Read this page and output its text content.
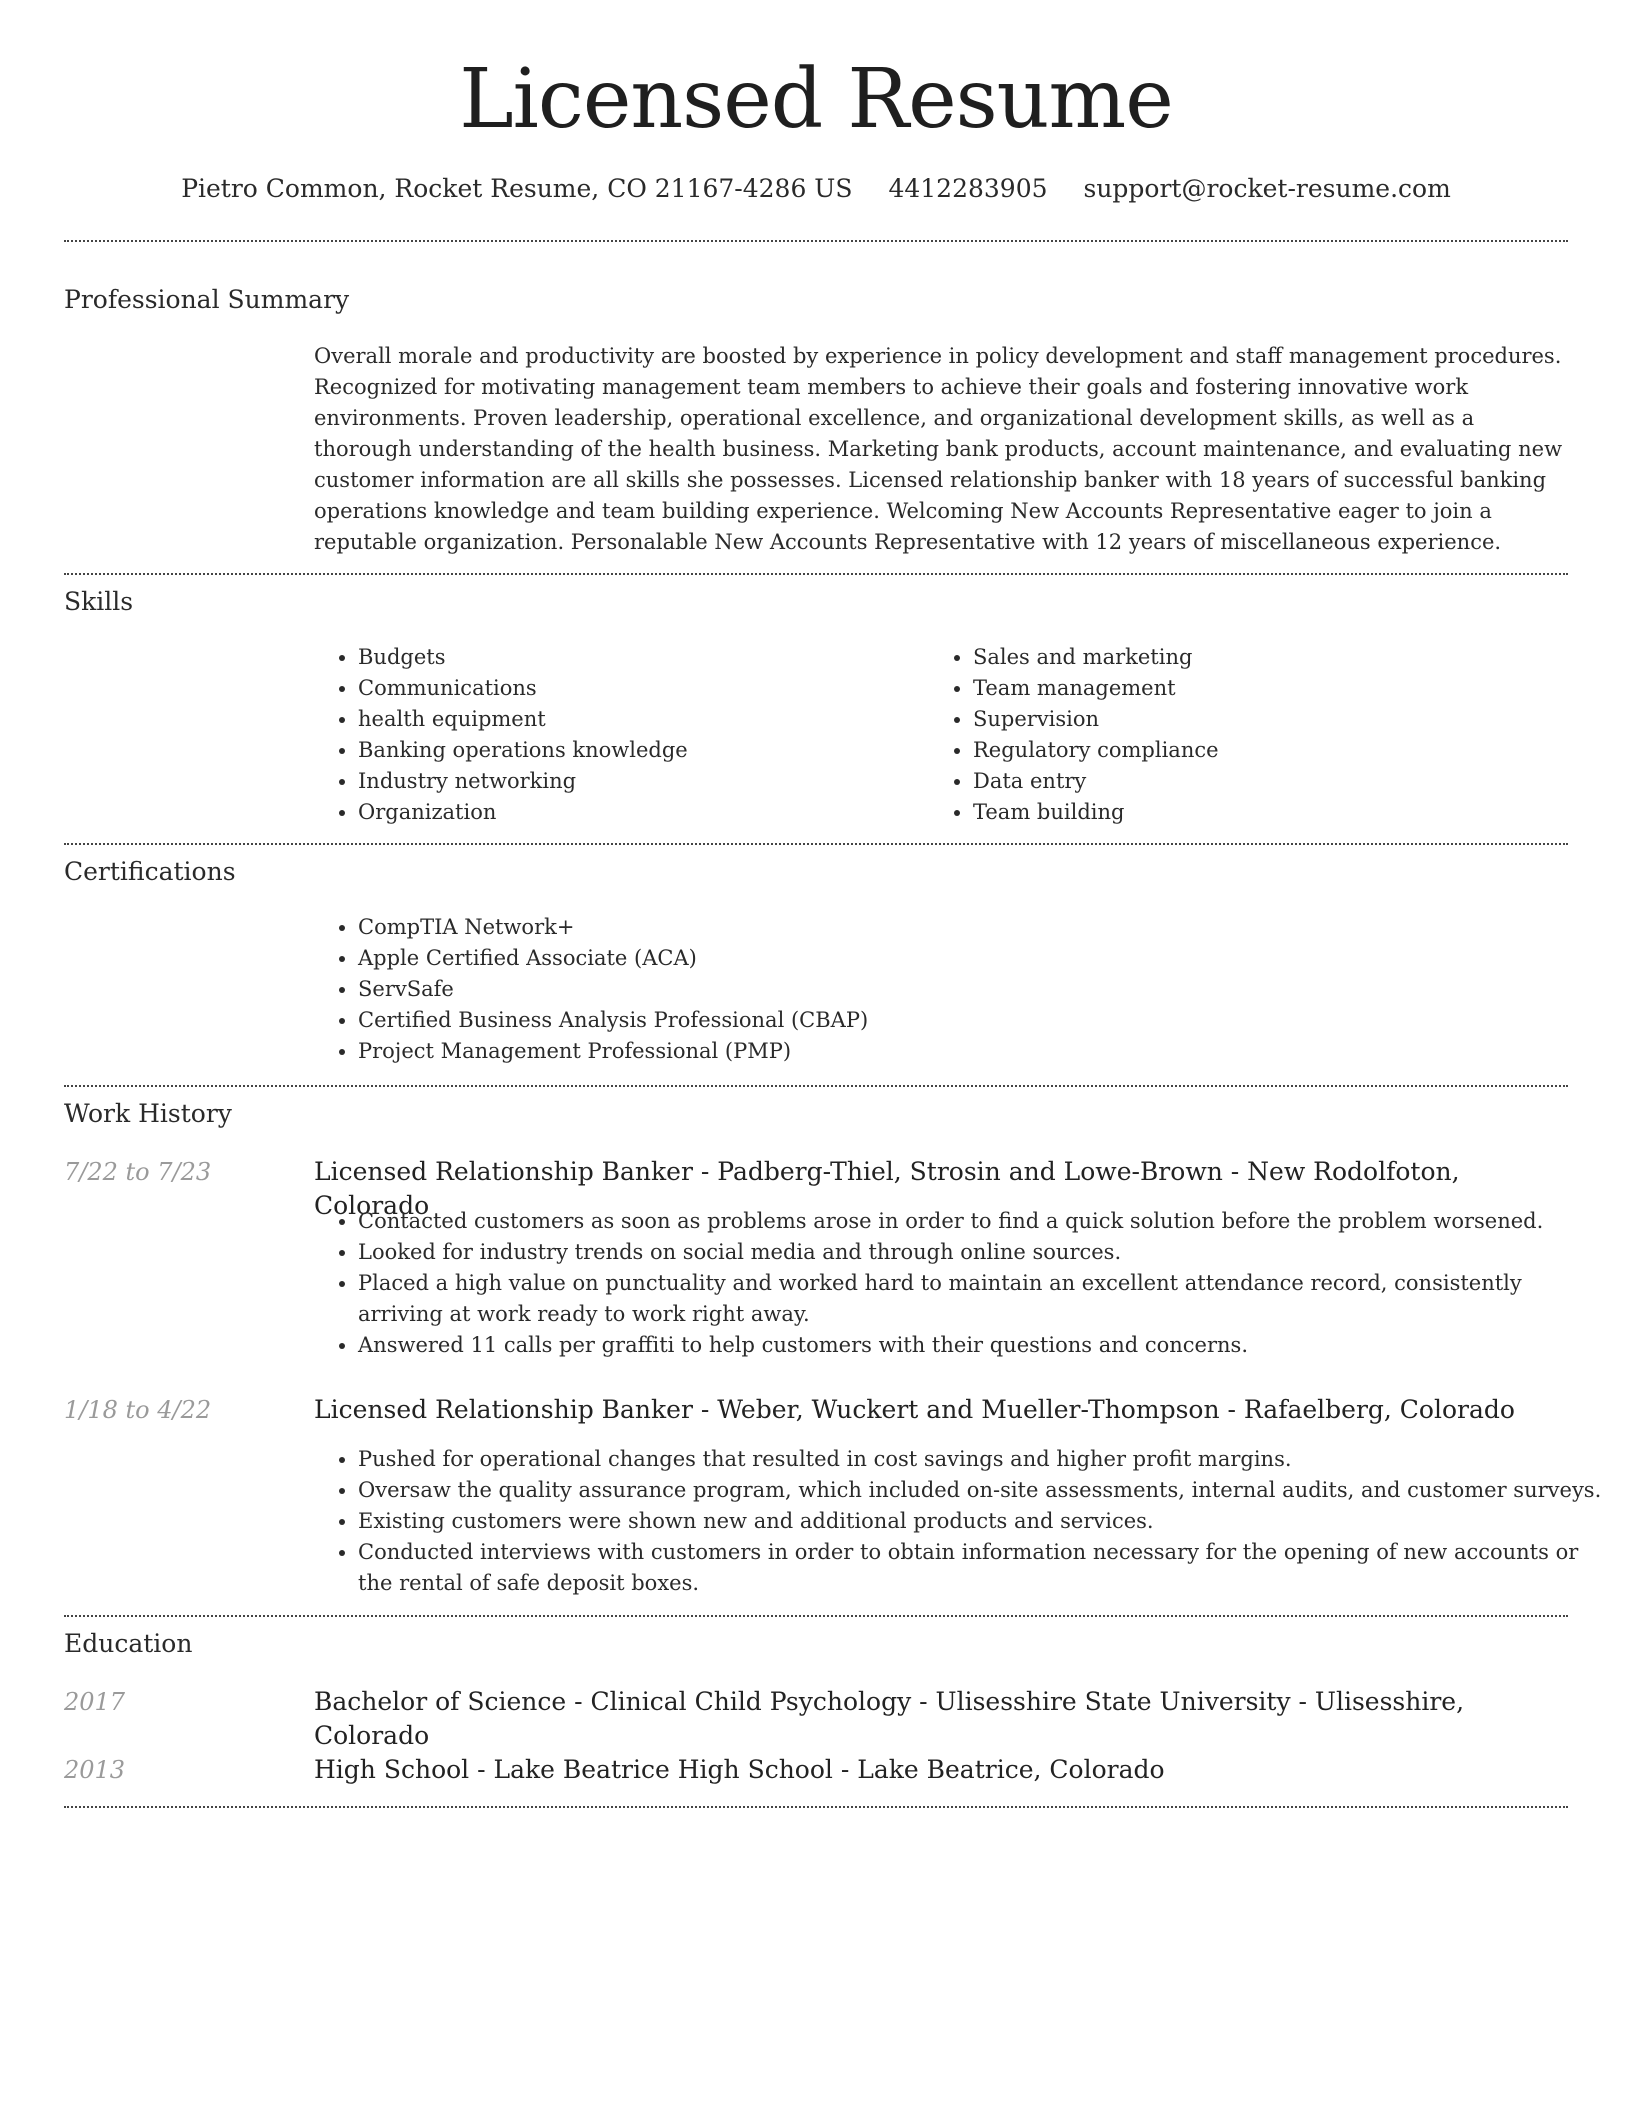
Licensed Resume
Pietro Common, Rocket Resume, CO 21167-4286 US 4412283905 support@rocket-resume.com
Professional Summary

Overall morale and productivity are boosted by experience in policy development and staff management procedures. Recognized for motivating management team members to achieve their goals and fostering innovative work environments. Proven leadership, operational excellence, and organizational development skills, as well as a thorough understanding of the health business. Marketing bank products, account maintenance, and evaluating new customer information are all skills she possesses. Licensed relationship banker with 18 years of successful banking operations knowledge and team building experience. Welcoming New Accounts Representative eager to join a reputable organization. Personalable New Accounts Representative with 12 years of miscellaneous experience.

Skills
• Budgets
• Communications
• health equipment
• Banking operations knowledge
• Industry networking
• Organization
• Sales and marketing
• Team management
• Supervision
• Regulatory compliance
• Data entry
• Team building
Certifications
• CompTIA Network+
• Apple Certified Associate (ACA)
• ServSafe
• Certified Business Analysis Professional (CBAP)
• Project Management Professional (PMP)
Work History
7/22 to 7/23	Licensed Relationship Banker - Padberg-Thiel, Strosin and Lowe-Brown - New Rodolfoton, Colorado
• Contacted customers as soon as problems arose in order to find a quick solution before the problem worsened.
• Looked for industry trends on social media and through online sources.
• Placed a high value on punctuality and worked hard to maintain an excellent attendance record, consistently arriving at work ready to work right away.
• Answered 11 calls per graffiti to help customers with their questions and concerns.
1/18 to 4/22	Licensed Relationship Banker - Weber, Wuckert and Mueller-Thompson - Rafaelberg, Colorado
• Pushed for operational changes that resulted in cost savings and higher profit margins.
• Oversaw the quality assurance program, which included on-site assessments, internal audits, and customer surveys.
• Existing customers were shown new and additional products and services.
• Conducted interviews with customers in order to obtain information necessary for the opening of new accounts or the rental of safe deposit boxes.
Education
2017	Bachelor of Science - Clinical Child Psychology - Ulisesshire State University - Ulisesshire, Colorado
2013	High School - Lake Beatrice High School - Lake Beatrice, Colorado
